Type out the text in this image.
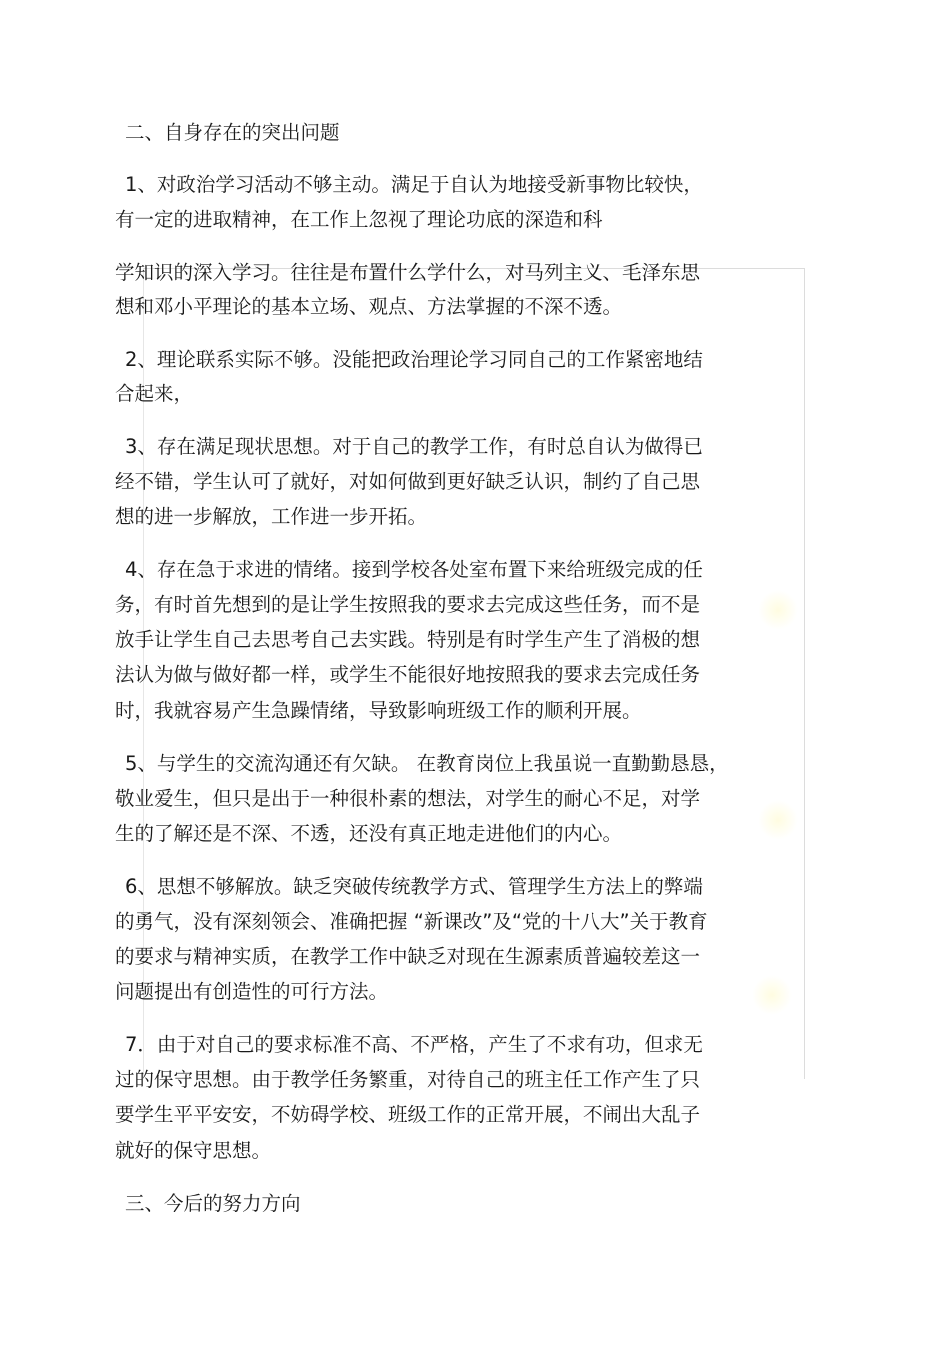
二、自身存在的突出问题

1、对政治学习活动不够主动。满足于自认为地接受新事物比较快，

有一定的进取精神，在工作上忽视了理论功底的深造和科

学知识的深入学习。往往是布置什么学什么，对马列主义、毛泽东思

想和邓小平理论的基本立场、观点、方法掌握的不深不透。

2、理论联系实际不够。没能把政治理论学习同自己的工作紧密地结

合起来，

3、存在满足现状思想。对于自己的教学工作，有时总自认为做得已

经不错，学生认可了就好，对如何做到更好缺乏认识，制约了自己思

想的进一步解放，工作进一步开拓。

4、存在急于求进的情绪。接到学校各处室布置下来给班级完成的任

务，有时首先想到的是让学生按照我的要求去完成这些任务，而不是

放手让学生自己去思考自己去实践。特别是有时学生产生了消极的想

法认为做与做好都一样，或学生不能很好地按照我的要求去完成任务

时，我就容易产生急躁情绪，导致影响班级工作的顺利开展。

5、与学生的交流沟通还有欠缺。 在教育岗位上我虽说一直勤勤恳恳，

敬业爱生，但只是出于一种很朴素的想法，对学生的耐心不足，对学

生的了解还是不深、不透，还没有真正地走进他们的内心。

6、思想不够解放。缺乏突破传统教学方式、管理学生方法上的弊端

的勇气，没有深刻领会、准确把握 “新课改”及“党的十八大”关于教育

的要求与精神实质，在教学工作中缺乏对现在生源素质普遍较差这一

问题提出有创造性的可行方法。

7．由于对自己的要求标准不高、不严格，产生了不求有功，但求无

过的保守思想。由于教学任务繁重，对待自己的班主任工作产生了只

要学生平平安安，不妨碍学校、班级工作的正常开展，不闹出大乱子

就好的保守思想。

三、今后的努力方向
